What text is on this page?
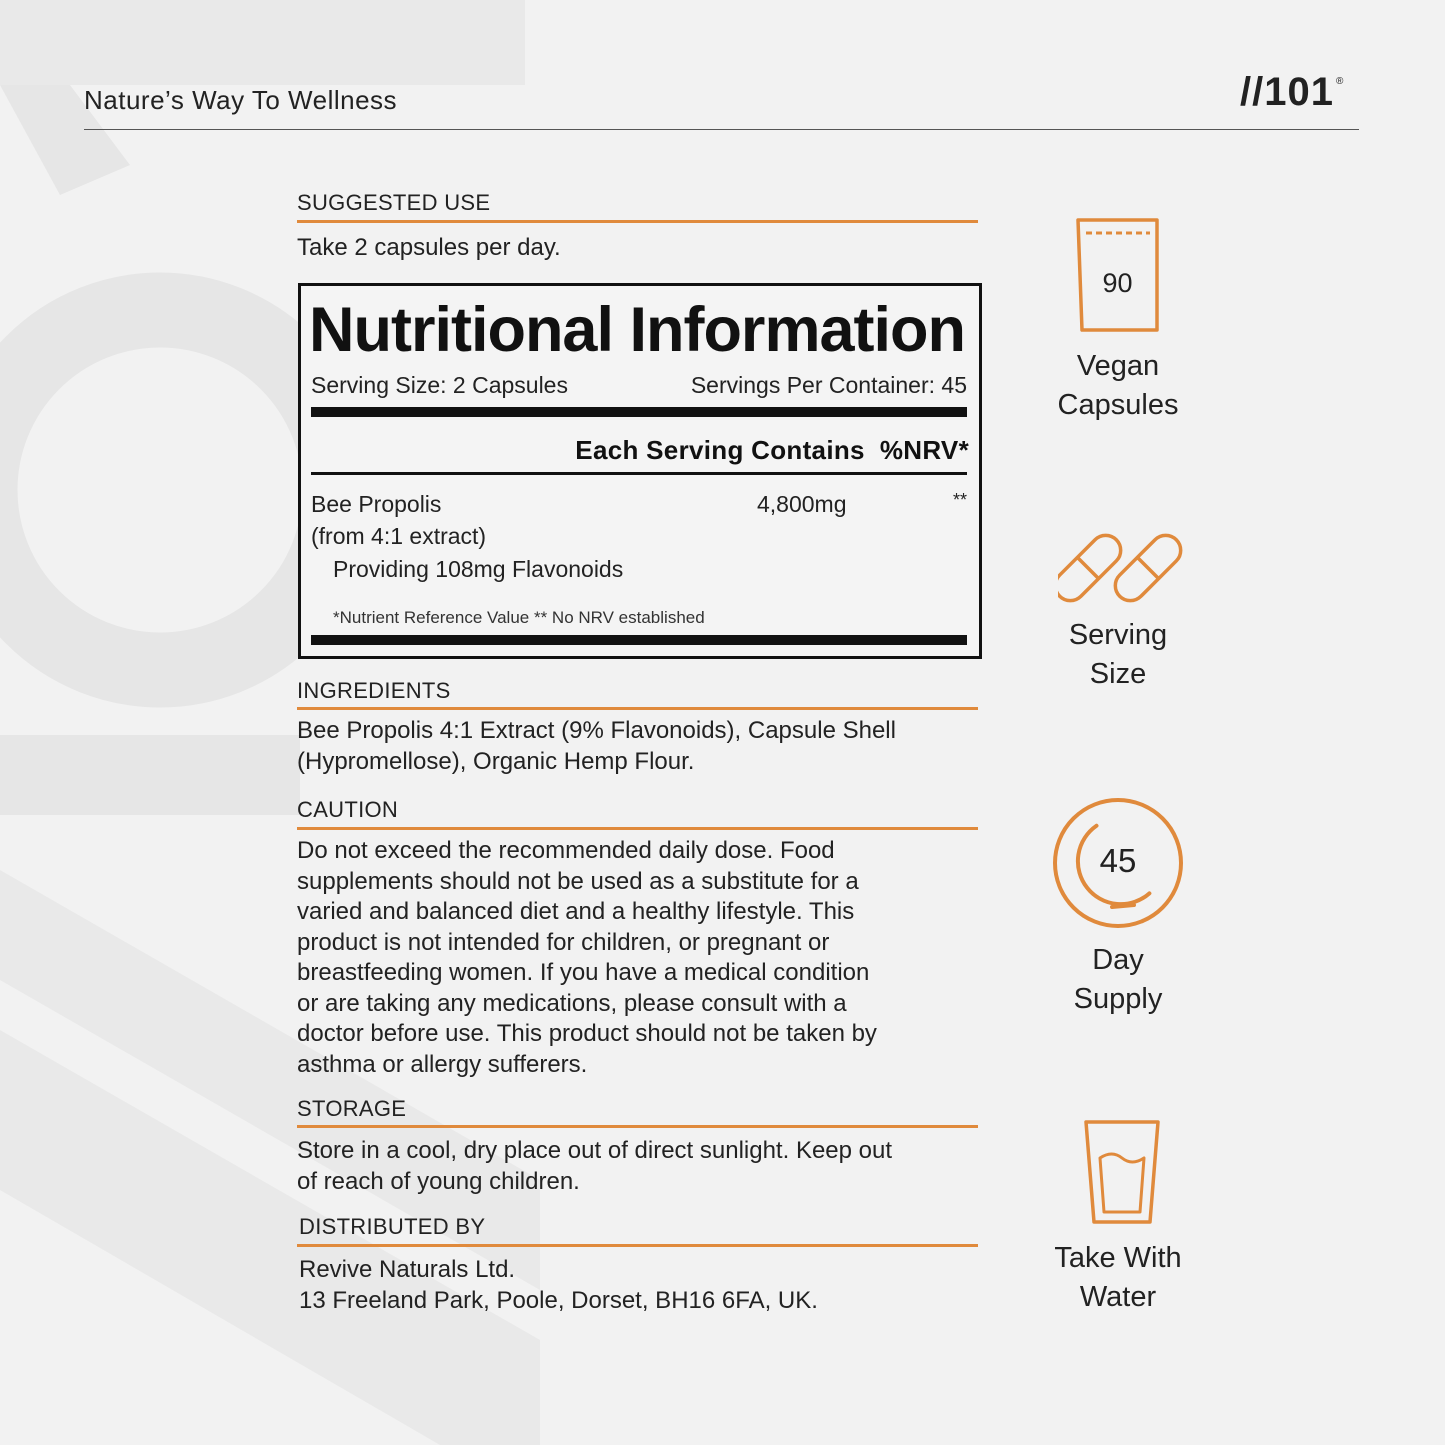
Nature’s Way To Wellness	//101 ®
SUGGESTED USE
Take 2 capsules per day.
Nutritional Information
Serving Size: 2 Capsules	Servings Per Container: 45
Each Serving Contains  %NRV*
Bee Propolis
(from 4:1 extract)
Providing 108mg Flavonoids
4,800mg	**
*Nutrient Reference Value ** No NRV established
INGREDIENTS
Bee Propolis 4:1 Extract (9% Flavonoids), Capsule Shell
(Hypromellose), Organic Hemp Flour.
CAUTION
Do not exceed the recommended daily dose. Food
supplements should not be used as a substitute for a
varied and balanced diet and a healthy lifestyle. This
product is not intended for children, or pregnant or
breastfeeding women. If you have a medical condition
or are taking any medications, please consult with a
doctor before use. This product should not be taken by
asthma or allergy sufferers.
STORAGE
Store in a cool, dry place out of direct sunlight. Keep out
of reach of young children.
DISTRIBUTED BY
Revive Naturals Ltd.
13 Freeland Park, Poole, Dorset, BH16 6FA, UK.
90
Vegan
Capsules
Serving
Size
45
Day
Supply
Take With
Water
